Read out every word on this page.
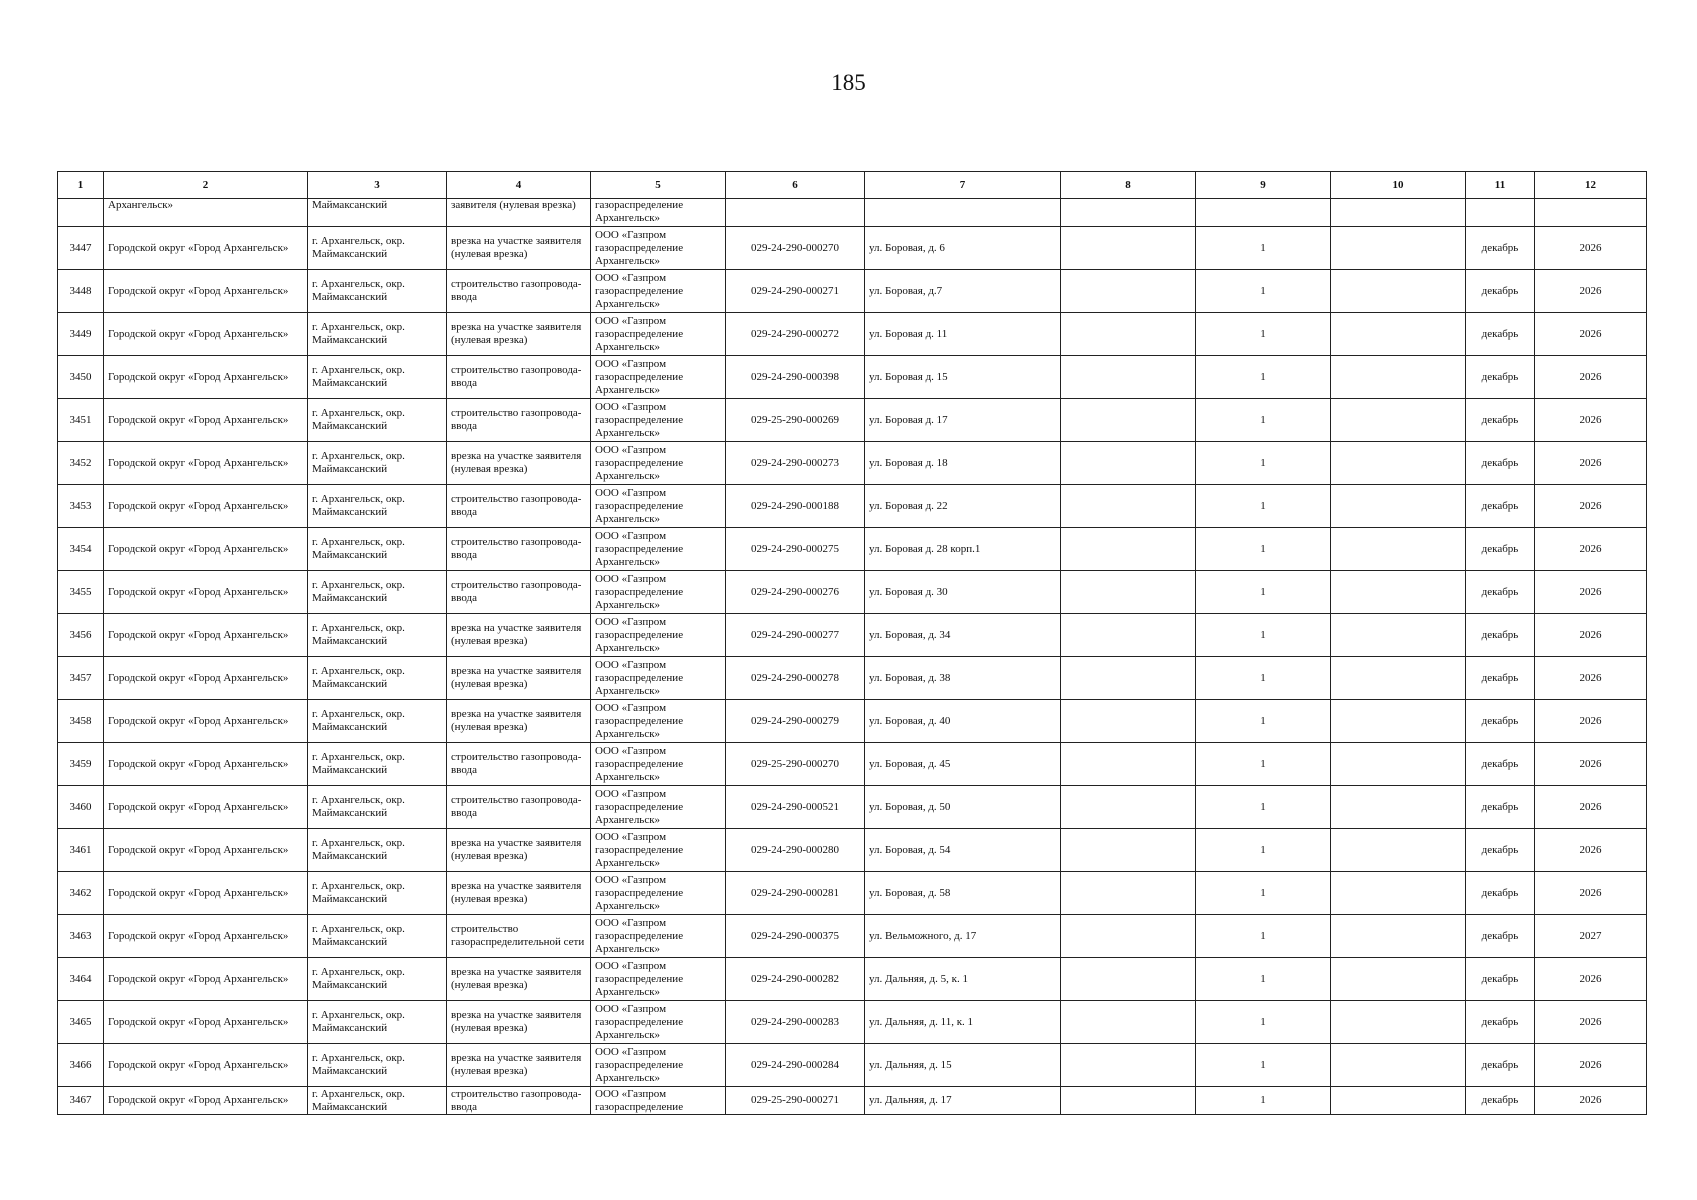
185
1	2	3	4	5	6	7	8	9	10	11	12

	Архангельск»	Маймаксанский	заявителя (нулевая врезка)	газораспределение Архангельск»							

3447	Городской округ «Город Архангельск»	г. Архангельск, окр. Маймаксанский	врезка на участке заявителя (нулевая врезка)	ООО «Газпром газораспределение Архангельск»	029-24-290-000270	ул. Боровая, д. 6		1		декабрь	2026

3448	Городской округ «Город Архангельск»	г. Архангельск, окр. Маймаксанский	строительство газопровода-ввода	ООО «Газпром газораспределение Архангельск»	029-24-290-000271	ул. Боровая, д.7		1		декабрь	2026

3449	Городской округ «Город Архангельск»	г. Архангельск, окр. Маймаксанский	врезка на участке заявителя (нулевая врезка)	ООО «Газпром газораспределение Архангельск»	029-24-290-000272	ул. Боровая д. 11		1		декабрь	2026

3450	Городской округ «Город Архангельск»	г. Архангельск, окр. Маймаксанский	строительство газопровода-ввода	ООО «Газпром газораспределение Архангельск»	029-24-290-000398	ул. Боровая д. 15		1		декабрь	2026

3451	Городской округ «Город Архангельск»	г. Архангельск, окр. Маймаксанский	строительство газопровода-ввода	ООО «Газпром газораспределение Архангельск»	029-25-290-000269	ул. Боровая д. 17		1		декабрь	2026

3452	Городской округ «Город Архангельск»	г. Архангельск, окр. Маймаксанский	врезка на участке заявителя (нулевая врезка)	ООО «Газпром газораспределение Архангельск»	029-24-290-000273	ул. Боровая д. 18		1		декабрь	2026

3453	Городской округ «Город Архангельск»	г. Архангельск, окр. Маймаксанский	строительство газопровода-ввода	ООО «Газпром газораспределение Архангельск»	029-24-290-000188	ул. Боровая д. 22		1		декабрь	2026

3454	Городской округ «Город Архангельск»	г. Архангельск, окр. Маймаксанский	строительство газопровода-ввода	ООО «Газпром газораспределение Архангельск»	029-24-290-000275	ул. Боровая д. 28 корп.1		1		декабрь	2026

3455	Городской округ «Город Архангельск»	г. Архангельск, окр. Маймаксанский	строительство газопровода-ввода	ООО «Газпром газораспределение Архангельск»	029-24-290-000276	ул. Боровая д. 30		1		декабрь	2026

3456	Городской округ «Город Архангельск»	г. Архангельск, окр. Маймаксанский	врезка на участке заявителя (нулевая врезка)	ООО «Газпром газораспределение Архангельск»	029-24-290-000277	ул. Боровая, д. 34		1		декабрь	2026

3457	Городской округ «Город Архангельск»	г. Архангельск, окр. Маймаксанский	врезка на участке заявителя (нулевая врезка)	ООО «Газпром газораспределение Архангельск»	029-24-290-000278	ул. Боровая, д. 38		1		декабрь	2026

3458	Городской округ «Город Архангельск»	г. Архангельск, окр. Маймаксанский	врезка на участке заявителя (нулевая врезка)	ООО «Газпром газораспределение Архангельск»	029-24-290-000279	ул. Боровая, д. 40		1		декабрь	2026

3459	Городской округ «Город Архангельск»	г. Архангельск, окр. Маймаксанский	строительство газопровода-ввода	ООО «Газпром газораспределение Архангельск»	029-25-290-000270	ул. Боровая, д. 45		1		декабрь	2026

3460	Городской округ «Город Архангельск»	г. Архангельск, окр. Маймаксанский	строительство газопровода-ввода	ООО «Газпром газораспределение Архангельск»	029-24-290-000521	ул. Боровая, д. 50		1		декабрь	2026

3461	Городской округ «Город Архангельск»	г. Архангельск, окр. Маймаксанский	врезка на участке заявителя (нулевая врезка)	ООО «Газпром газораспределение Архангельск»	029-24-290-000280	ул. Боровая, д. 54		1		декабрь	2026

3462	Городской округ «Город Архангельск»	г. Архангельск, окр. Маймаксанский	врезка на участке заявителя (нулевая врезка)	ООО «Газпром газораспределение Архангельск»	029-24-290-000281	ул. Боровая, д. 58		1		декабрь	2026

3463	Городской округ «Город Архангельск»	г. Архангельск, окр. Маймаксанский	строительство газораспределительной сети	ООО «Газпром газораспределение Архангельск»	029-24-290-000375	ул. Вельможного, д. 17		1		декабрь	2027

3464	Городской округ «Город Архангельск»	г. Архангельск, окр. Маймаксанский	врезка на участке заявителя (нулевая врезка)	ООО «Газпром газораспределение Архангельск»	029-24-290-000282	ул. Дальняя, д. 5, к. 1		1		декабрь	2026

3465	Городской округ «Город Архангельск»	г. Архангельск, окр. Маймаксанский	врезка на участке заявителя (нулевая врезка)	ООО «Газпром газораспределение Архангельск»	029-24-290-000283	ул. Дальняя, д. 11, к. 1		1		декабрь	2026

3466	Городской округ «Город Архангельск»	г. Архангельск, окр. Маймаксанский	врезка на участке заявителя (нулевая врезка)	ООО «Газпром газораспределение Архангельск»	029-24-290-000284	ул. Дальняя, д. 15		1		декабрь	2026

3467	Городской округ «Город Архангельск»	г. Архангельск, окр. Маймаксанский	строительство газопровода-ввода	ООО «Газпром газораспределение	029-25-290-000271	ул. Дальняя, д. 17		1		декабрь	2026
